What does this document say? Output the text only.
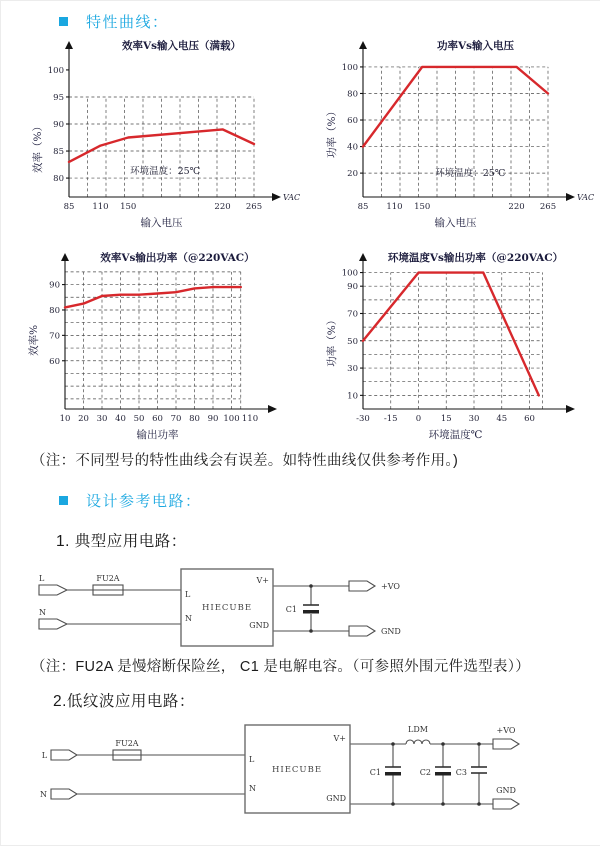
特性曲线：
100
95
90
85
80
85 110 150	220 265
VAC
效率Vs输入电压（满载）
环境温度：25℃
输入电压
效率（%）
100
80
60
40
20
85 110 150	220 265
VAC
功率Vs输入电压
环境温度：25℃
输入电压
功率（%）
90
80
70
60
10 20 30 40 50 60 70 80 90 100 110
效率Vs输出功率（@220VAC）
输出功率
效率%
100
90
70
50
30
10
-30 -15 0 15 30 45 60
环境温度Vs输出功率（@220VAC）
环境温度℃
功率（%）
（注：不同型号的特性曲线会有误差。如特性曲线仅供参考作用。)
设计参考电路：
1. 典型应用电路：
L
N
FU2A
HIECUBE
L
N
V+
GND
C1
+VO
GND
（注：FU2A 是慢熔断保险丝， C1 是电解电容。（可参照外围元件选型表））
2.低纹波应用电路：
L
N
FU2A
HIECUBE
L
N
V+
GND
LDM
C1	C2	C3
+VO
GND
